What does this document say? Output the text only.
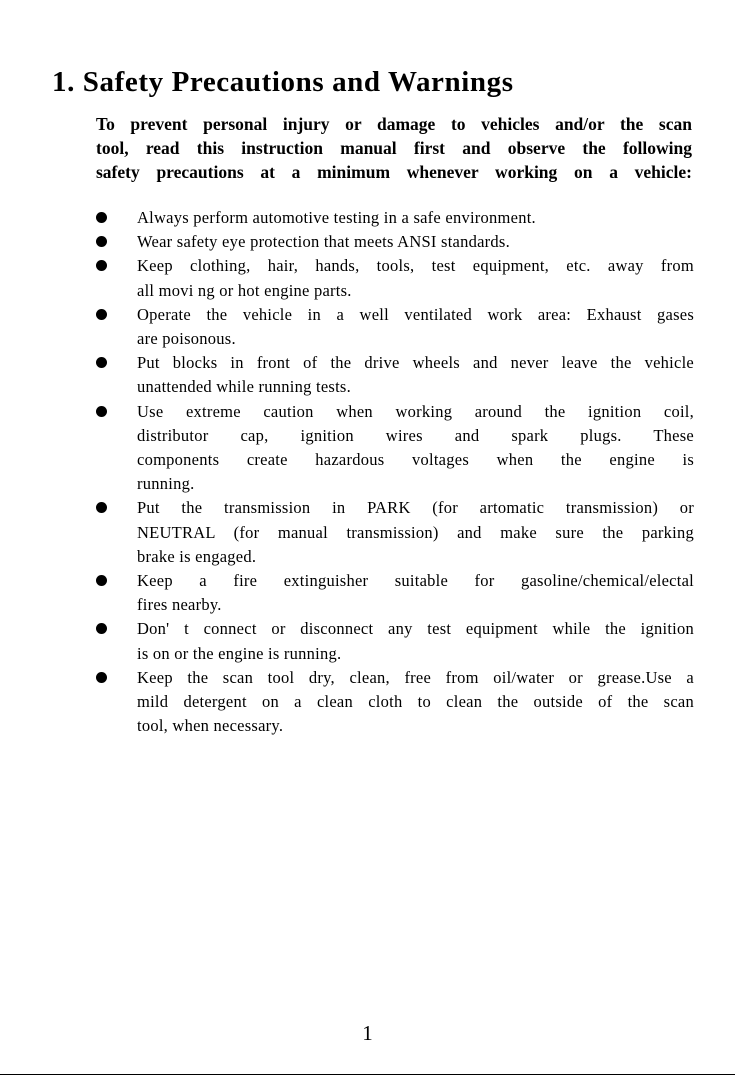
1. Safety Precautions and Warnings

To prevent personal injury or damage to vehicles and/or the scan
tool, read this instruction manual first and observe the following
safety precautions at a minimum whenever working on a vehicle:

Always perform automotive testing in a safe environment.
Wear safety eye protection that meets ANSI standards.
Keep clothing, hair, hands, tools, test equipment, etc. away from
all movi ng or hot engine parts.
Operate the vehicle in a well ventilated work area: Exhaust gases
are poisonous.
Put blocks in front of the drive wheels and never leave the vehicle
unattended while running tests.
Use extreme caution when working around the ignition coil,
distributor cap, ignition wires and spark plugs. These
components create hazardous voltages when the engine is
running.
Put the transmission in PARK (for artomatic transmission) or
NEUTRAL (for manual transmission) and make sure the parking
brake is engaged.
Keep a fire extinguisher suitable for gasoline/chemical/electal
fires nearby.
Don' t connect or disconnect any test equipment while the ignition
is on or the engine is running.
Keep the scan tool dry, clean, free from oil/water or grease.Use a
mild detergent on a clean cloth to clean the outside of the scan
tool, when necessary.
1
